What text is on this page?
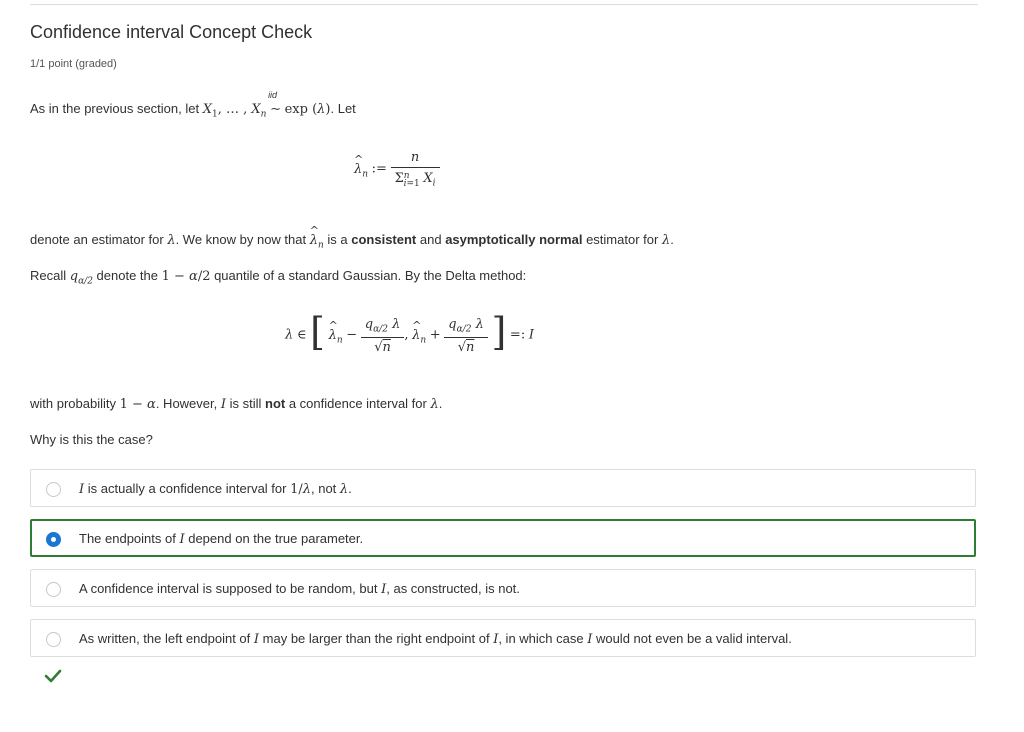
Confidence interval Concept Check
1/1 point (graded)
As in the previous section, let $X_1$, … , $X_n$
iid
∼ exp (λ). Let
^ $\lambda_n$ := $\frac{n}{\Sigma^n_{i=1} X_i}$
denote an estimator for λ. We know by now that ^ $\lambda_n$ is a consistent and asymptotically normal estimator for λ.
Recall $q_{\alpha/2}$ denote the 1 − α/2 quantile of a standard Gaussian. By the Delta method:
λ ∈ [ ^ $\lambda_n - \frac{q_{\alpha/2} \lambda}{√n}$ , ^ $\lambda_n + \frac{q_{\alpha/2} \lambda}{√n}$ ] =: I
with probability 1 − α. However, I is still not a confidence interval for λ.
Why is this the case?
I is actually a confidence interval for 1/λ, not λ.
The endpoints of I depend on the true parameter.
A confidence interval is supposed to be random, but I, as constructed, is not.
As written, the left endpoint of I may be larger than the right endpoint of I, in which case I would not even be a valid interval.
